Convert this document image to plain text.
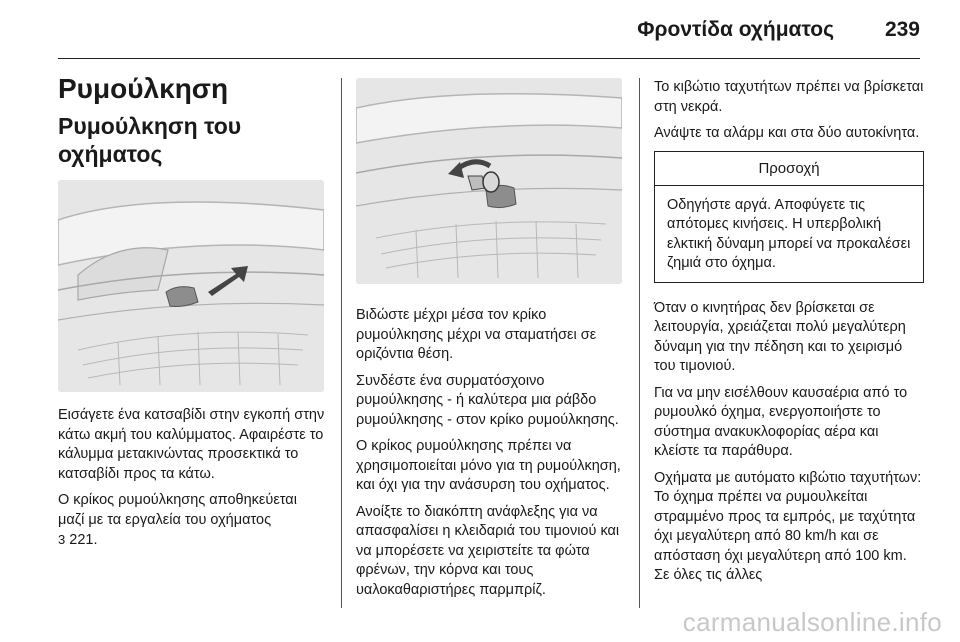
Φροντίδα οχήματος 239
Ρυμούλκηση
Ρυμούλκηση του οχήματος

Εισάγετε ένα κατσαβίδι στην εγκοπή στην κάτω ακμή του καλύμματος. Αφαιρέστε το κάλυμμα μετακινώντας προσεκτικά το κατσαβίδι προς τα κάτω.

Ο κρίκος ρυμούλκησης αποθηκεύεται μαζί με τα εργαλεία του οχήματος
3 221.

Βιδώστε μέχρι μέσα τον κρίκο ρυμούλκησης μέχρι να σταματήσει σε οριζόντια θέση.

Συνδέστε ένα συρματόσχοινο ρυμούλκησης - ή καλύτερα μια ράβδο ρυμούλκησης - στον κρίκο ρυμούλκησης.

Ο κρίκος ρυμούλκησης πρέπει να χρησιμοποιείται μόνο για τη ρυμούλκηση, και όχι για την ανάσυρση του οχήματος.

Ανοίξτε το διακόπτη ανάφλεξης για να απασφαλίσει η κλειδαριά του τιμονιού και να μπορέσετε να χειριστείτε τα φώτα φρένων, την κόρνα και τους υαλοκαθαριστήρες παρμπρίζ.

Το κιβώτιο ταχυτήτων πρέπει να βρίσκεται στη νεκρά.

Ανάψτε τα αλάρμ και στα δύο αυτοκίνητα.

Προσοχή

Οδηγήστε αργά. Αποφύγετε τις απότομες κινήσεις. Η υπερβολική ελκτική δύναμη μπορεί να προκαλέσει ζημιά στο όχημα.

Όταν ο κινητήρας δεν βρίσκεται σε λειτουργία, χρειάζεται πολύ μεγαλύτερη δύναμη για την πέδηση και το χειρισμό του τιμονιού.

Για να μην εισέλθουν καυσαέρια από το ρυμουλκό όχημα, ενεργοποιήστε το σύστημα ανακυκλοφορίας αέρα και κλείστε τα παράθυρα.

Οχήματα με αυτόματο κιβώτιο ταχυτήτων: Το όχημα πρέπει να ρυμουλκείται στραμμένο προς τα εμπρός, με ταχύτητα όχι μεγαλύτερη από 80 km/h και σε απόσταση όχι μεγαλύτερη από 100 km. Σε όλες τις άλλες

carmanualsonline.info
